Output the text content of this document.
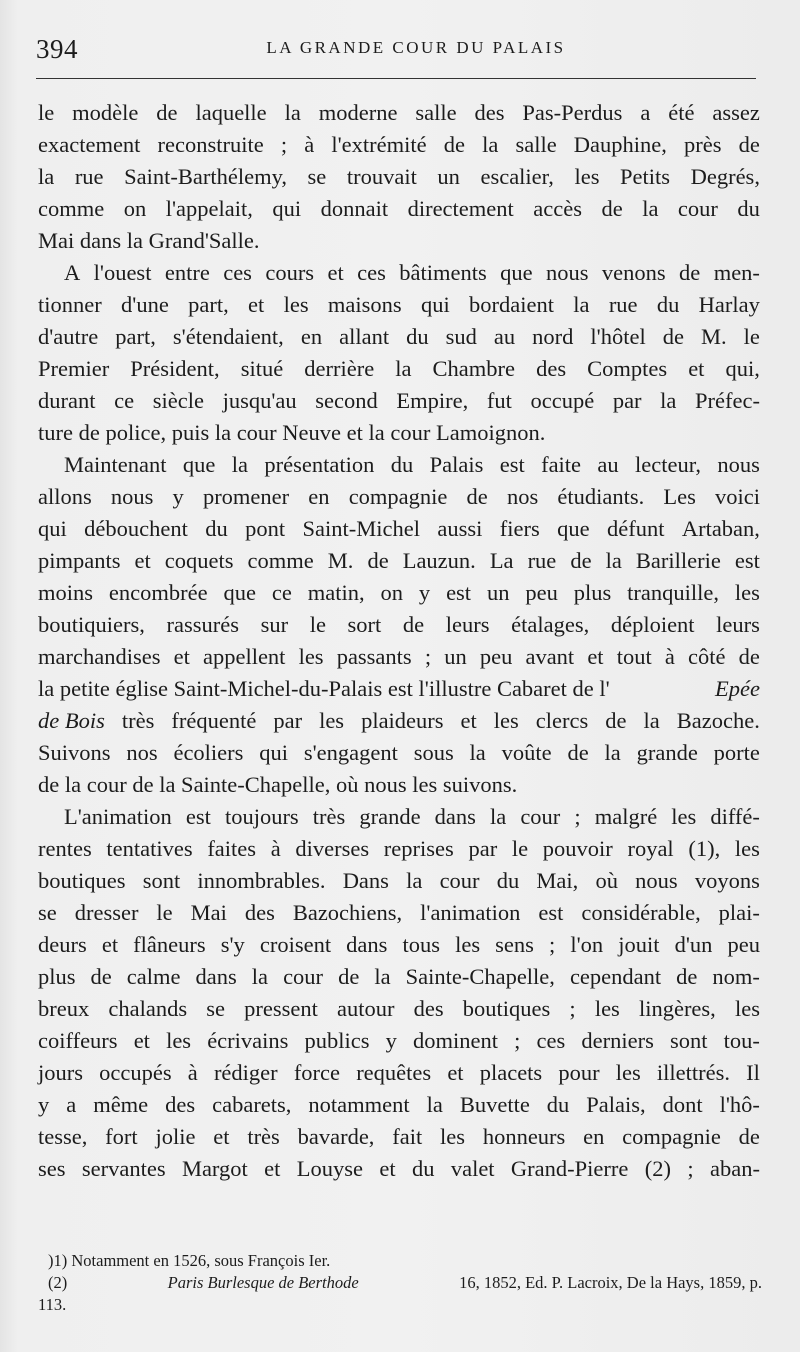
394	LA GRANDE COUR DU PALAIS
le modèle de laquelle la moderne salle des Pas-Perdus a été assez
exactement reconstruite ; à l'extrémité de la salle Dauphine, près de
la rue Saint-Barthélemy, se trouvait un escalier, les Petits Degrés,
comme on l'appelait, qui donnait directement accès de la cour du
Mai dans la Grand'Salle.
A l'ouest entre ces cours et ces bâtiments que nous venons de men-
tionner d'une part, et les maisons qui bordaient la rue du Harlay
d'autre part, s'étendaient, en allant du sud au nord l'hôtel de M. le
Premier Président, situé derrière la Chambre des Comptes et qui,
durant ce siècle jusqu'au second Empire, fut occupé par la Préfec-
ture de police, puis la cour Neuve et la cour Lamoignon.
Maintenant que la présentation du Palais est faite au lecteur, nous
allons nous y promener en compagnie de nos étudiants. Les voici
qui débouchent du pont Saint-Michel aussi fiers que défunt Artaban,
pimpants et coquets comme M. de Lauzun. La rue de la Barillerie est
moins encombrée que ce matin, on y est un peu plus tranquille, les
boutiquiers, rassurés sur le sort de leurs étalages, déploient leurs
marchandises et appellent les passants ; un peu avant et tout à côté de
la petite église Saint-Michel-du-Palais est l'illustre Cabaret de l'	Epée
de Bois très fréquenté par les plaideurs et les clercs de la Bazoche.
Suivons nos écoliers qui s'engagent sous la voûte de la grande porte
de la cour de la Sainte-Chapelle, où nous les suivons.
L'animation est toujours très grande dans la cour ; malgré les diffé-
rentes tentatives faites à diverses reprises par le pouvoir royal (1), les
boutiques sont innombrables. Dans la cour du Mai, où nous voyons
se dresser le Mai des Bazochiens, l'animation est considérable, plai-
deurs et flâneurs s'y croisent dans tous les sens ; l'on jouit d'un peu
plus de calme dans la cour de la Sainte-Chapelle, cependant de nom-
breux chalands se pressent autour des boutiques ; les lingères, les
coiffeurs et les écrivains publics y dominent ; ces derniers sont tou-
jours occupés à rédiger force requêtes et placets pour les illettrés. Il
y a même des cabarets, notamment la Buvette du Palais, dont l'hô-
tesse, fort jolie et très bavarde, fait les honneurs en compagnie de
ses servantes Margot et Louyse et du valet Grand-Pierre (2) ; aban-
)1) Notamment en 1526, sous François Ier.
(2)	Paris Burlesque de Berthode	16, 1852, Ed. P. Lacroix, De la Hays, 1859, p.
113.
